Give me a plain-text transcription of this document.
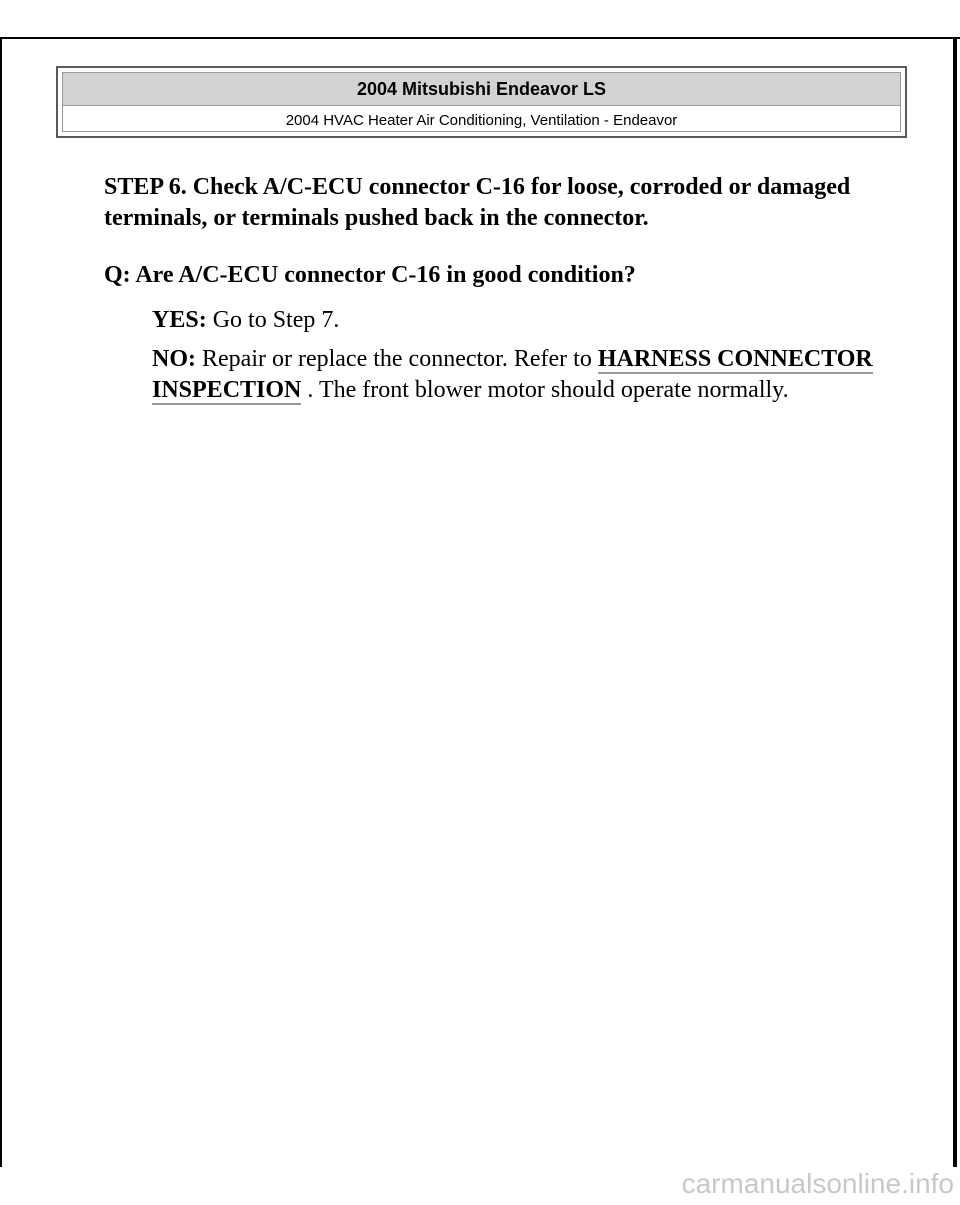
2004 Mitsubishi Endeavor LS
2004 HVAC Heater Air Conditioning, Ventilation - Endeavor

STEP 6. Check A/C-ECU connector C-16 for loose, corroded or damaged terminals, or terminals pushed back in the connector.

Q: Are A/C-ECU connector C-16 in good condition?

YES: Go to Step 7.

NO: Repair or replace the connector. Refer to HARNESS CONNECTOR INSPECTION . The front blower motor should operate normally.

carmanualsonline.info
